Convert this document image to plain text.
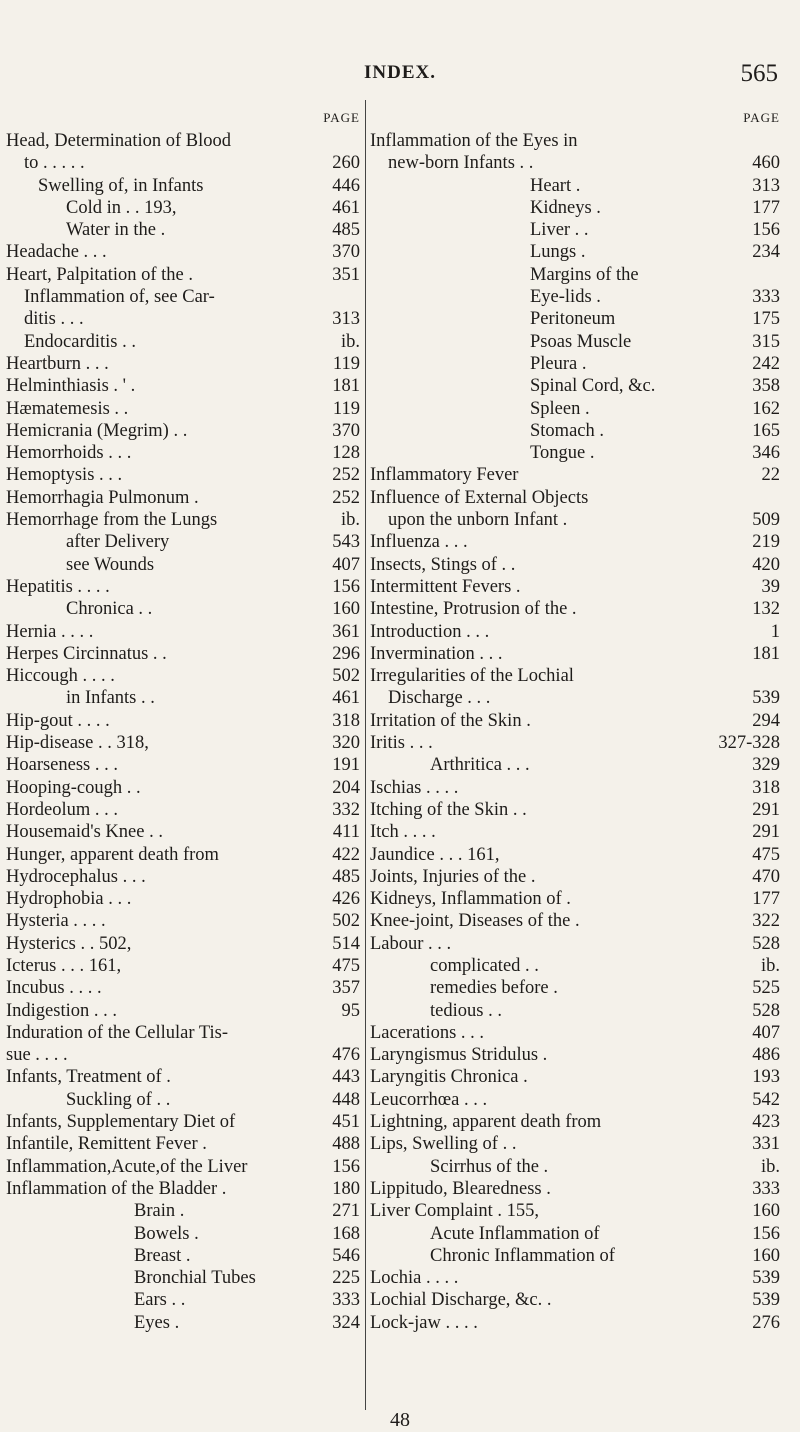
INDEX.	565
PAGE
Head, Determination of Blood
to . . . . .	260
Swelling of, in Infants	446
Cold in . . 193,	461
Water in the .	485
Headache . . .	370
Heart, Palpitation of the .	351
Inflammation of, see Car-
ditis . . .	313
Endocarditis . .	ib.
Heartburn . . .	119
Helminthiasis . ' .	181
Hæmatemesis . .	119
Hemicrania (Megrim) . .	370
Hemorrhoids . . .	128
Hemoptysis . . .	252
Hemorrhagia Pulmonum .	252
Hemorrhage from the Lungs	ib.
after Delivery	543
see Wounds	407
Hepatitis . . . .	156
Chronica . .	160
Hernia . . . .	361
Herpes Circinnatus . .	296
Hiccough . . . .	502
in Infants . .	461
Hip-gout . . . .	318
Hip-disease . . 318,	320
Hoarseness . . .	191
Hooping-cough . .	204
Hordeolum . . .	332
Housemaid's Knee . .	411
Hunger, apparent death from	422
Hydrocephalus . . .	485
Hydrophobia . . .	426
Hysteria . . . .	502
Hysterics . . 502,	514
Icterus . . . 161,	475
Incubus . . . .	357
Indigestion . . .	95
Induration of the Cellular Tis-
sue . . . .	476
Infants, Treatment of .	443
Suckling of . .	448
Infants, Supplementary Diet of	451
Infantile, Remittent Fever .	488
Inflammation,Acute,of the Liver	156
Inflammation of the Bladder .	180
Brain .	271
Bowels .	168
Breast .	546
Bronchial Tubes	225
Ears . .	333
Eyes .	324
PAGE
Inflammation of the Eyes in
new-born Infants . .	460
Heart .	313
Kidneys .	177
Liver . .	156
Lungs .	234
Margins of the
Eye-lids .	333
Peritoneum	175
Psoas Muscle	315
Pleura .	242
Spinal Cord, &c.	358
Spleen .	162
Stomach .	165
Tongue .	346
Inflammatory Fever	22
Influence of External Objects
upon the unborn Infant .	509
Influenza . . .	219
Insects, Stings of . .	420
Intermittent Fevers .	39
Intestine, Protrusion of the .	132
Introduction . . .	1
Invermination . . .	181
Irregularities of the Lochial
Discharge . . .	539
Irritation of the Skin .	294
Iritis . . .	327-328
Arthritica . . .	329
Ischias . . . .	318
Itching of the Skin . .	291
Itch . . . .	291
Jaundice . . . 161,	475
Joints, Injuries of the .	470
Kidneys, Inflammation of .	177
Knee-joint, Diseases of the .	322
Labour . . .	528
complicated . .	ib.
remedies before .	525
tedious . .	528
Lacerations . . .	407
Laryngismus Stridulus .	486
Laryngitis Chronica .	193
Leucorrhœa . . .	542
Lightning, apparent death from	423
Lips, Swelling of . .	331
Scirrhus of the .	ib.
Lippitudo, Blearedness .	333
Liver Complaint . 155,	160
Acute Inflammation of	156
Chronic Inflammation of	160
Lochia . . . .	539
Lochial Discharge, &c. .	539
Lock-jaw . . . .	276
48
